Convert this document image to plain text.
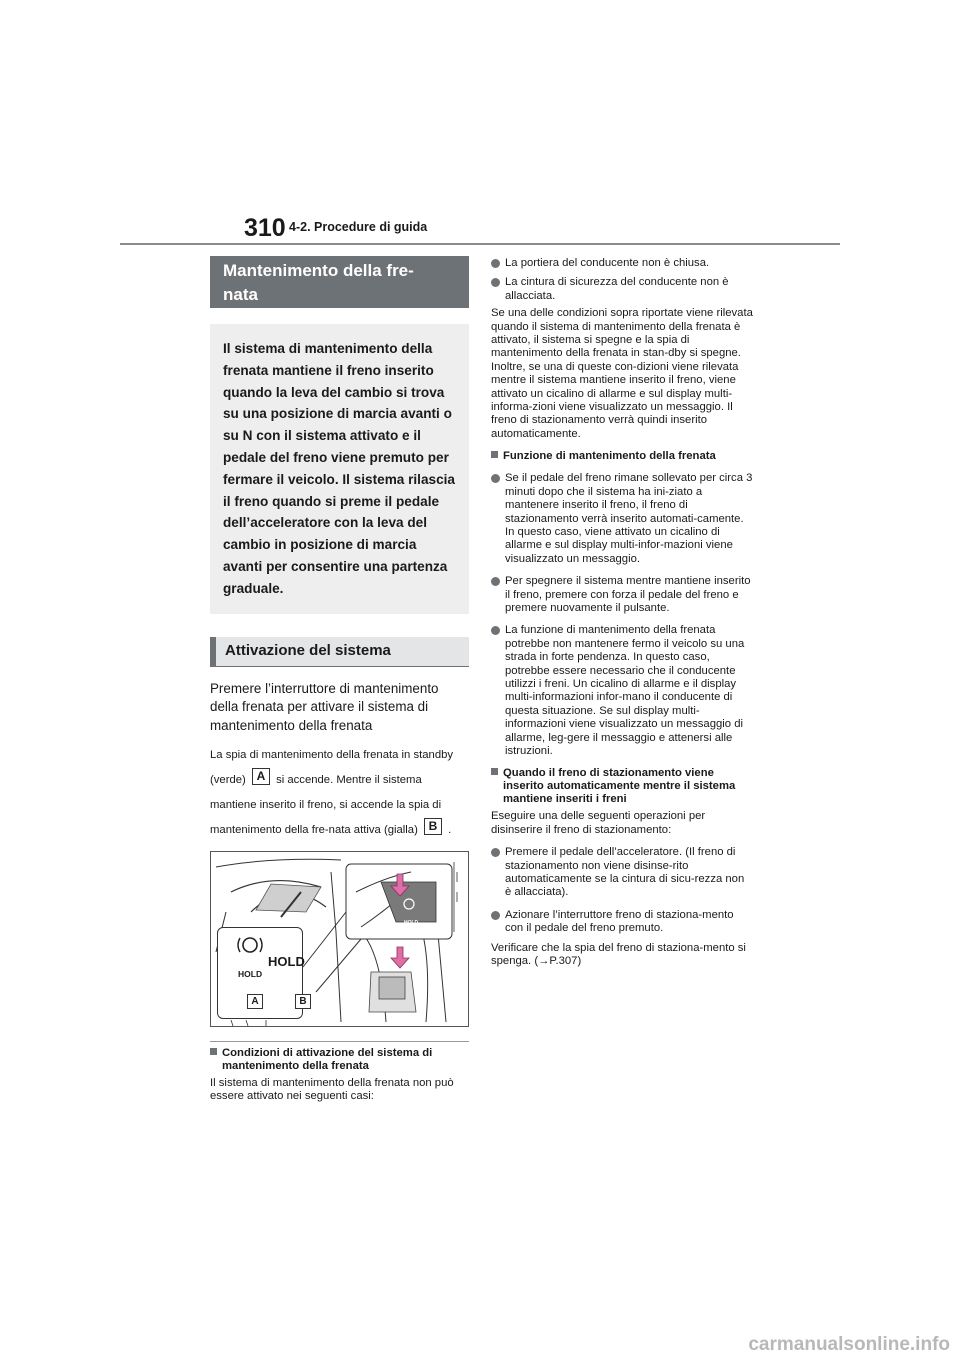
310 4-2. Procedure di guida
Mantenimento della fre-
nata
Il sistema di mantenimento della frenata mantiene il freno inserito quando la leva del cambio si trova su una posizione di marcia avanti o su N con il sistema attivato e il pedale del freno viene premuto per fermare il veicolo. Il sistema rilascia il freno quando si preme il pedale dell’acceleratore con la leva del cambio in posizione di marcia avanti per consentire una partenza graduale.
Attivazione del sistema
Premere l’interruttore di mantenimento della frenata per attivare il sistema di mantenimento della frenata
La spia di mantenimento della frenata in standby (verde) A si accende. Mentre il sistema mantiene inserito il freno, si accende la spia di mantenimento della fre-nata attiva (gialla) B .
HOLD
HOLD
A	B
HOLD
Condizioni di attivazione del sistema di mantenimento della frenata
Il sistema di mantenimento della frenata non può essere attivato nei seguenti casi:
La portiera del conducente non è chiusa.
La cintura di sicurezza del conducente non è allacciata.
Se una delle condizioni sopra riportate viene rilevata quando il sistema di mantenimento della frenata è attivato, il sistema si spegne e la spia di mantenimento della frenata in stan-dby si spegne. Inoltre, se una di queste con-dizioni viene rilevata mentre il sistema mantiene inserito il freno, viene attivato un cicalino di allarme e sul display multi-informa-zioni viene visualizzato un messaggio. Il freno di stazionamento verrà quindi inserito automaticamente.
Funzione di mantenimento della frenata
Se il pedale del freno rimane sollevato per circa 3 minuti dopo che il sistema ha ini-ziato a mantenere inserito il freno, il freno di stazionamento verrà inserito automati-camente. In questo caso, viene attivato un cicalino di allarme e sul display multi-infor-mazioni viene visualizzato un messaggio.
Per spegnere il sistema mentre mantiene inserito il freno, premere con forza il pedale del freno e premere nuovamente il pulsante.
La funzione di mantenimento della frenata potrebbe non mantenere fermo il veicolo su una strada in forte pendenza. In questo caso, potrebbe essere necessario che il conducente utilizzi i freni. Un cicalino di allarme e il display multi-informazioni infor-mano il conducente di questa situazione. Se sul display multi-informazioni viene visualizzato un messaggio di allarme, leg-gere il messaggio e attenersi alle istruzioni.
Quando il freno di stazionamento viene inserito automaticamente mentre il sistema mantiene inseriti i freni
Eseguire una delle seguenti operazioni per disinserire il freno di stazionamento:
Premere il pedale dell’acceleratore. (Il freno di stazionamento non viene disinse-rito automaticamente se la cintura di sicu-rezza non è allacciata).
Azionare l’interruttore freno di staziona-mento con il pedale del freno premuto.
Verificare che la spia del freno di staziona-mento si spenga. (→P.307)
carmanualsonline.info
